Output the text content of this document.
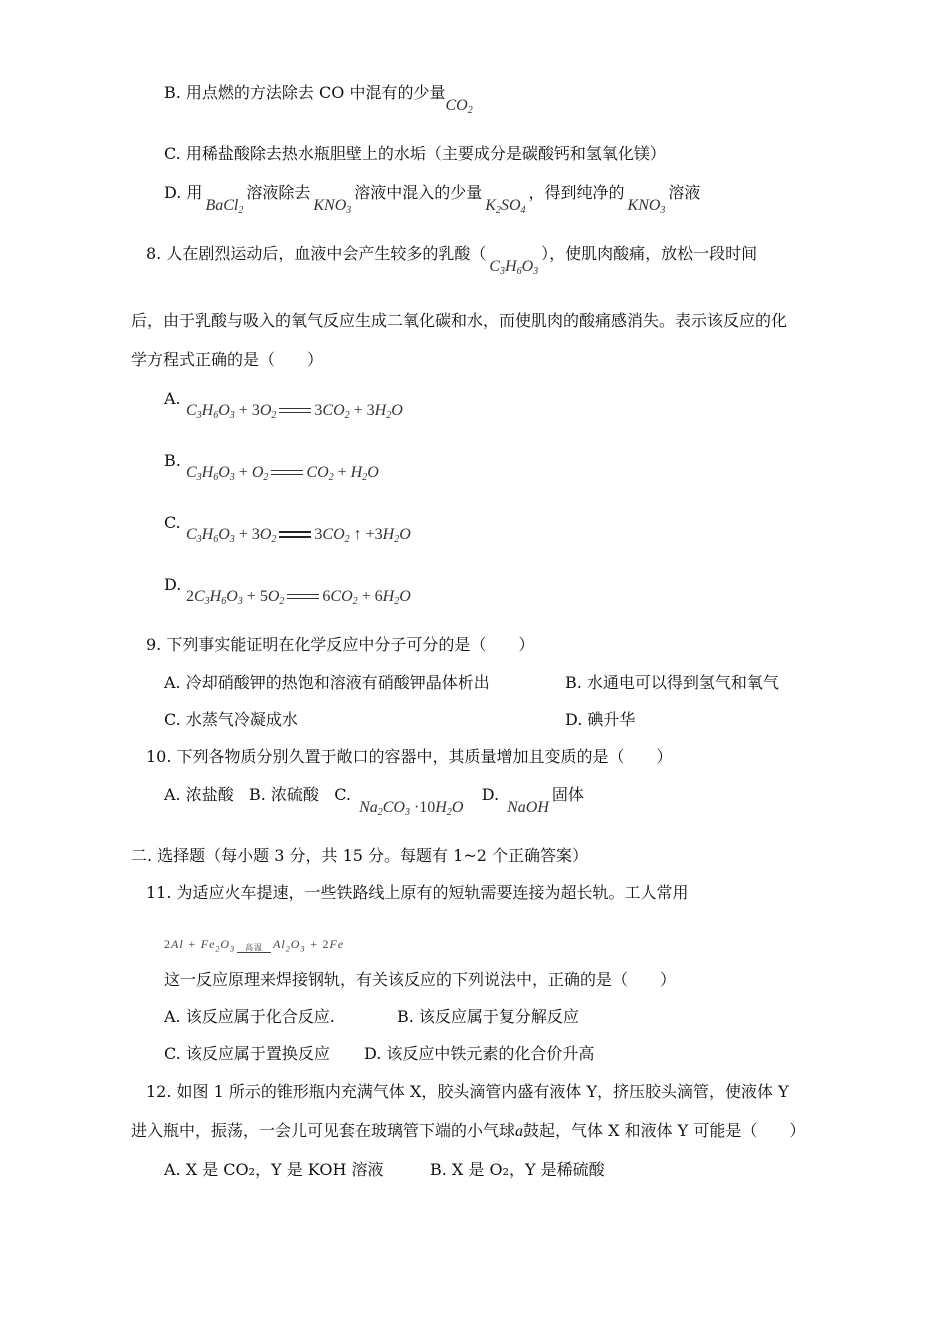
B. 用点燃的方法除去 CO 中混有的少量$CO_2$
C. 用稀盐酸除去热水瓶胆壁上的水垢（主要成分是碳酸钙和氢氧化镁）
D. 用BaCl$_2$溶液除去$KNO_3$溶液中混入的少量$K_2SO_4$，得到纯净的$KNO_3$溶液
8. 人在剧烈运动后，血液中会产生较多的乳酸$(C_3H_6O_3)$，使肌肉酸痛，放松一段时间
后，由于乳酸与吸入的氧气反应生成二氧化碳和水，而使肌肉的酸痛感消失。表示该反应的化
学方程式正确的是（　　）
A.
$C_3H_6O_3 + 3O_2$ $3CO_2 + 3H_2O$
B.
$C_3H_6O_3 + O_2$ $CO_2 + H_2O$
C.
$C_3H_6O_3 + 3O_2$ $3CO_2$ ↑ $+3H_2O$
D.
$2C_3H_6O_3 + 5O_2$ $6CO_2 + 6H_2O$
9. 下列事实能证明在化学反应中分子可分的是（　　）
A. 冷却硝酸钾的热饱和溶液有硝酸钾晶体析出	B. 水通电可以得到氢气和氧气
C. 水蒸气冷凝成水	D. 碘升华
10. 下列各物质分别久置于敞口的容器中，其质量增加且变质的是（　　）
A. 浓盐酸 B. 浓硫酸 C. $Na_2CO_3 \cdot 10H_2O$   D. NaOH固体
二. 选择题（每小题 3 分，共 15 分。每题有 1~2 个正确答案）
11. 为适应火车提速，一些铁路线上原有的短轨需要连接为超长轨。工人常用
$2Al + Fe_2O_3$	高温 $Al_2O_3 + 2Fe$
这一反应原理来焊接钢轨，有关该反应的下列说法中，正确的是（　　）
A. 该反应属于化合反应.	B. 该反应属于复分解反应
C. 该反应属于置换反应 D. 该反应中铁元素的化合价升高
12. 如图 1 所示的锥形瓶内充满气体 X，胶头滴管内盛有液体 Y，挤压胶头滴管，使液体 Y
进入瓶中，振荡，一会儿可见套在玻璃管下端的小气球a鼓起，气体 X 和液体 Y 可能是（　　）
A. X 是 CO₂，Y 是 KOH 溶液	B. X 是 O₂，Y 是稀硫酸
